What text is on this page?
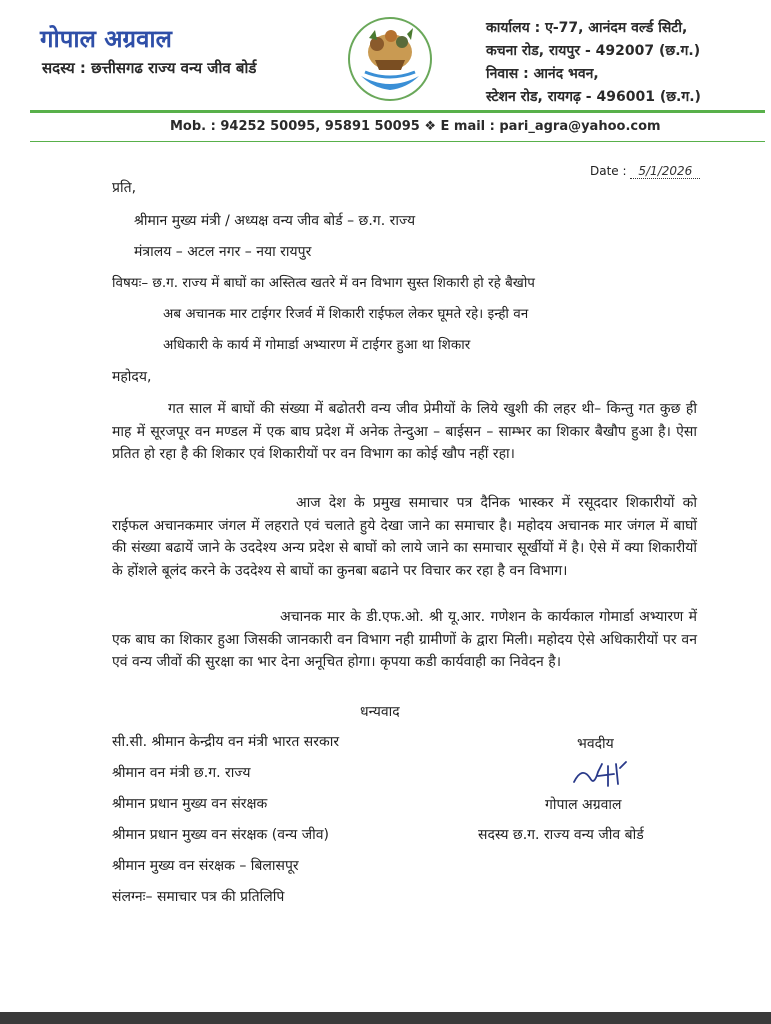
गोपाल अग्रवाल
सदस्य : छत्तीसगढ राज्य वन्य जीव बोर्ड
कार्यालय : ए-77, आनंदम वर्ल्ड सिटी,
कचना रोड, रायपुर - 492007 (छ.ग.)
निवास : आनंद भवन,
स्टेशन रोड, रायगढ़ - 496001 (छ.ग.)
Mob. : 94252 50095, 95891 50095 ❖ E mail : pari_agra@yahoo.com
Date : 5/1/2026
प्रति,
श्रीमान मुख्य मंत्री / अध्यक्ष वन्य जीव बोर्ड – छ.ग. राज्य
मंत्रालय – अटल नगर – नया रायपुर
विषयः– छ.ग. राज्य में बाघों का अस्तित्व खतरे में वन विभाग सुस्त शिकारी हो रहे बैखोप
अब अचानक मार टाईगर रिजर्व में शिकारी राईफल लेकर घूमते रहे। इन्ही वन
अधिकारी के कार्य में गोमार्डा अभ्यारण में टाईगर हुआ था शिकार
महोदय,
गत साल में बाघों की संख्या में बढोतरी वन्य जीव प्रेमीयों के लिये खुशी की लहर थी– किन्तु गत कुछ ही माह में सूरजपूर वन मण्डल में एक बाघ प्रदेश में अनेक तेन्दुआ – बाईसन – साम्भर का शिकार बैखौप हुआ है। ऐसा प्रतित हो रहा है की शिकार एवं शिकारीयों पर वन विभाग का कोई खौप नहीं रहा।
आज देश के प्रमुख समाचार पत्र दैनिक भास्कर में रसूददार शिकारीयों को राईफल अचानकमार जंगल में लहराते एवं चलाते हुये देखा जाने का समाचार है। महोदय अचानक मार जंगल में बाघों की संख्या बढायें जाने के उददेश्य अन्य प्रदेश से बाघों को लाये जाने का समाचार सूर्खीयों में है। ऐसे में क्या शिकारीयों के होंशले बूलंद करने के उददेश्य से बाघों का कुनबा बढाने पर विचार कर रहा है वन विभाग।
अचानक मार के डी.एफ.ओ. श्री यू.आर. गणेशन के कार्यकाल गोमार्डा अभ्यारण में एक बाघ का शिकार हुआ जिसकी जानकारी वन विभाग नही ग्रामीणों के द्वारा मिली। महोदय ऐसे अधिकारीयों पर वन एवं वन्य जीवों की सुरक्षा का भार देना अनूचित होगा। कृपया कडी कार्यवाही का निवेदन है।
धन्यवाद
सी.सी. श्रीमान केन्द्रीय वन मंत्री भारत सरकार
श्रीमान वन मंत्री छ.ग. राज्य
श्रीमान प्रधान मुख्य वन संरक्षक
श्रीमान प्रधान मुख्य वन संरक्षक (वन्य जीव)
श्रीमान मुख्य वन संरक्षक – बिलासपूर
संलग्नः– समाचार पत्र की प्रतिलिपि
भवदीय
गोपाल अग्रवाल
सदस्य छ.ग. राज्य वन्य जीव बोर्ड
